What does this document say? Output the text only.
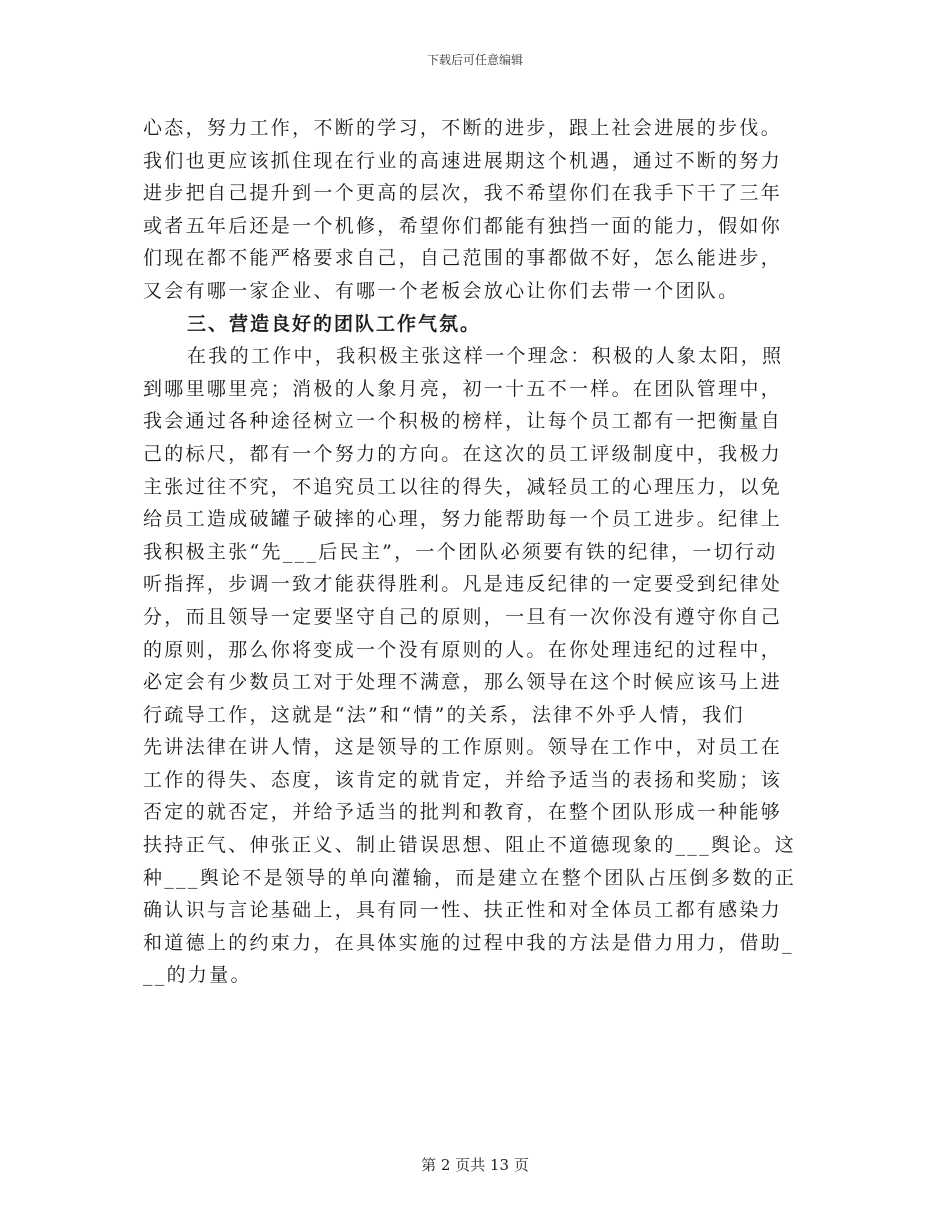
下载后可任意编辑
心态，努力工作，不断的学习，不断的进步，跟上社会进展的步伐。
我们也更应该抓住现在行业的高速进展期这个机遇，通过不断的努力
进步把自己提升到一个更高的层次，我不希望你们在我手下干了三年
或者五年后还是一个机修，希望你们都能有独挡一面的能力，假如你
们现在都不能严格要求自己，自己范围的事都做不好，怎么能进步，
又会有哪一家企业、有哪一个老板会放心让你们去带一个团队。
三、营造良好的团队工作气氛。
在我的工作中，我积极主张这样一个理念：积极的人象太阳，照
到哪里哪里亮；消极的人象月亮，初一十五不一样。在团队管理中，
我会通过各种途径树立一个积极的榜样，让每个员工都有一把衡量自
己的标尺，都有一个努力的方向。在这次的员工评级制度中，我极力
主张过往不究，不追究员工以往的得失，减轻员工的心理压力，以免
给员工造成破罐子破摔的心理，努力能帮助每一个员工进步。纪律上
我积极主张“先___后民主”，一个团队必须要有铁的纪律，一切行动
听指挥，步调一致才能获得胜利。凡是违反纪律的一定要受到纪律处
分，而且领导一定要坚守自己的原则，一旦有一次你没有遵守你自己
的原则，那么你将变成一个没有原则的人。在你处理违纪的过程中，
必定会有少数员工对于处理不满意，那么领导在这个时候应该马上进
行疏导工作，这就是“法”和“情”的关系，法律不外乎人情，我们
先讲法律在讲人情，这是领导的工作原则。领导在工作中，对员工在
工作的得失、态度，该肯定的就肯定，并给予适当的表扬和奖励；该
否定的就否定，并给予适当的批判和教育，在整个团队形成一种能够
扶持正气、伸张正义、制止错误思想、阻止不道德现象的___舆论。这
种___舆论不是领导的单向灌输，而是建立在整个团队占压倒多数的正
确认识与言论基础上，具有同一性、扶正性和对全体员工都有感染力
和道德上的约束力，在具体实施的过程中我的方法是借力用力，借助_
__的力量。
第 2 页共 13 页
